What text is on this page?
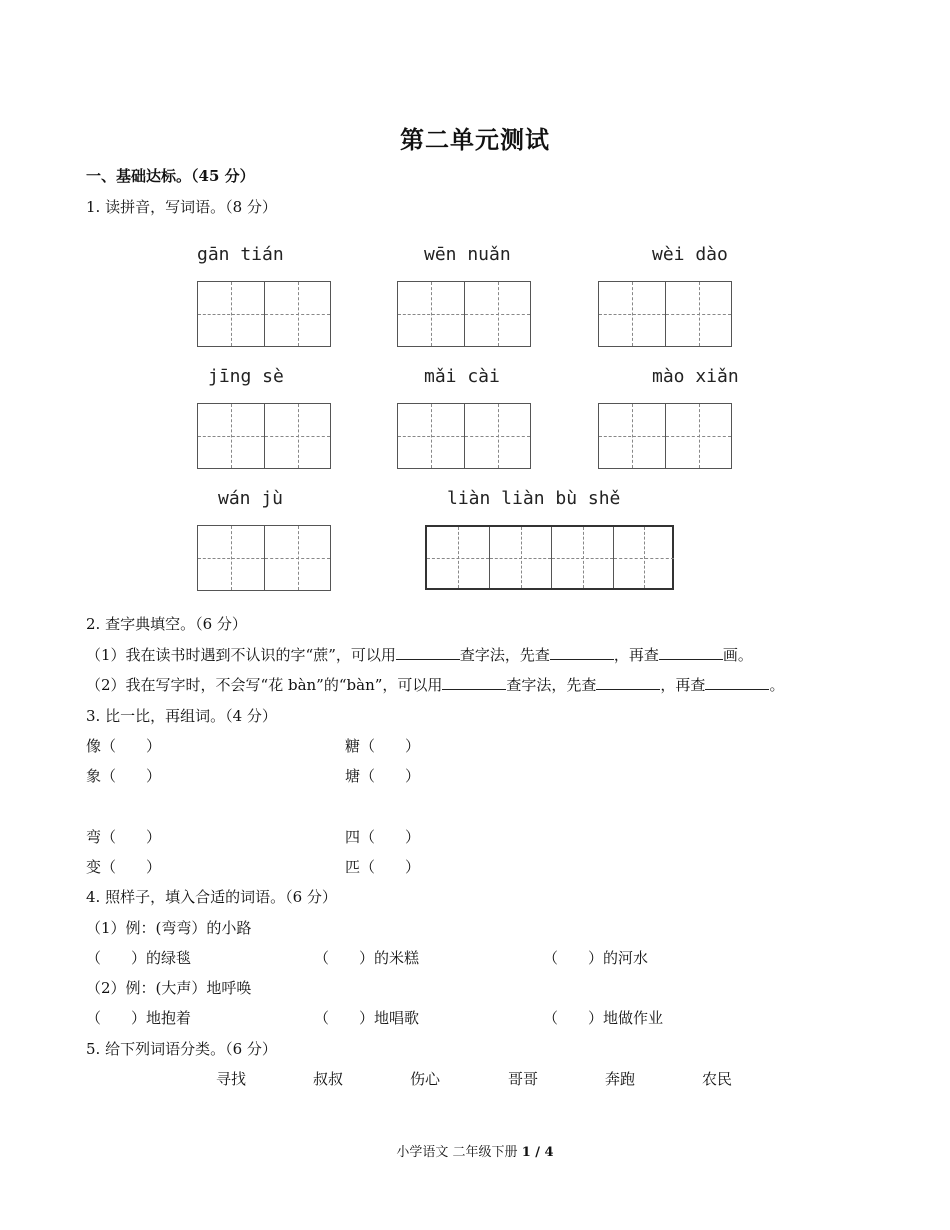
第二单元测试
一、基础达标。（45 分）
1. 读拼音，写词语。（8 分）
gān tián	wēn nuǎn	wèi dào
jīng sè	mǎi cài	mào xiǎn
wán jù	liàn liàn bù shě
2. 查字典填空。（6 分）
（1）我在读书时遇到不认识的字“蔗”，可以用	查字法，先查	，再查	画。
（2）我在写字时，不会写“花 bàn”的“bàn”，可以用	查字法，先查	，再查	。
3. 比一比，再组词。（4 分）
像（　　）	糖（　　）
象（　　）	塘（　　）
弯（　　）	四（　　）
变（　　）	匹（　　）
4. 照样子，填入合适的词语。（6 分）
（1）例：(弯弯）的小路
（　　）的绿毯	（　　）的米糕	（　　）的河水
（2）例：(大声）地呼唤
（　　）地抱着	（　　）地唱歌	（　　）地做作业
5. 给下列词语分类。（6 分）
寻找	叔叔	伤心	哥哥	奔跑	农民
小学语文 二年级下册 1 / 4
